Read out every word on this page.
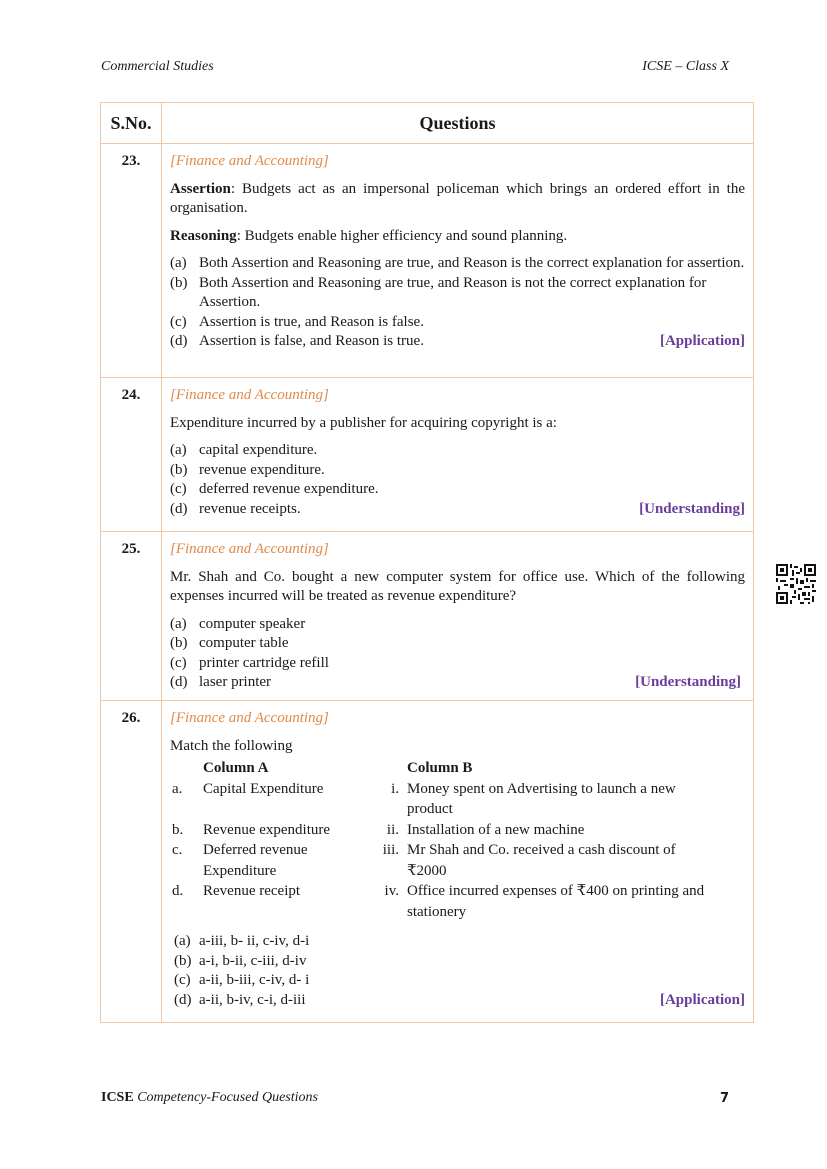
Commercial Studies	ICSE – Class X
S.No.	Questions
23.	[Finance and Accounting]
Assertion: Budgets act as an impersonal policeman which brings an ordered effort in the organisation.
Reasoning: Budgets enable higher efficiency and sound planning.
(a) Both Assertion and Reasoning are true, and Reason is the correct explanation for assertion.
(b) Both Assertion and Reasoning are true, and Reason is not the correct explanation for Assertion.
(c) Assertion is true, and Reason is false.
(d) Assertion is false, and Reason is true.	[Application]

24.	[Finance and Accounting]
Expenditure incurred by a publisher for acquiring copyright is a:
(a) capital expenditure.
(b) revenue expenditure.
(c) deferred revenue expenditure.
(d) revenue receipts.	[Understanding]

25.	[Finance and Accounting]
Mr. Shah and Co. bought a new computer system for office use. Which of the following expenses incurred will be treated as revenue expenditure?
(a) computer speaker
(b) computer table
(c) printer cartridge refill
(d) laser printer	[Understanding]

26.	[Finance and Accounting]
Match the following
	Column A		Column B
a.	Capital Expenditure	i.	Money spent on Advertising to launch a new product
b.	Revenue expenditure	ii.	Installation of a new machine
c.	Deferred revenue Expenditure	iii.	Mr Shah and Co. received a cash discount of ₹2000
d.	Revenue receipt	iv.	Office incurred expenses of ₹400 on printing and stationery
(a) a-iii, b- ii, c-iv, d-i
(b) a-i, b-ii, c-iii, d-iv
(c) a-ii, b-iii, c-iv, d- i
(d) a-ii, b-iv, c-i, d-iii	[Application]
ICSE Competency-Focused Questions	7
